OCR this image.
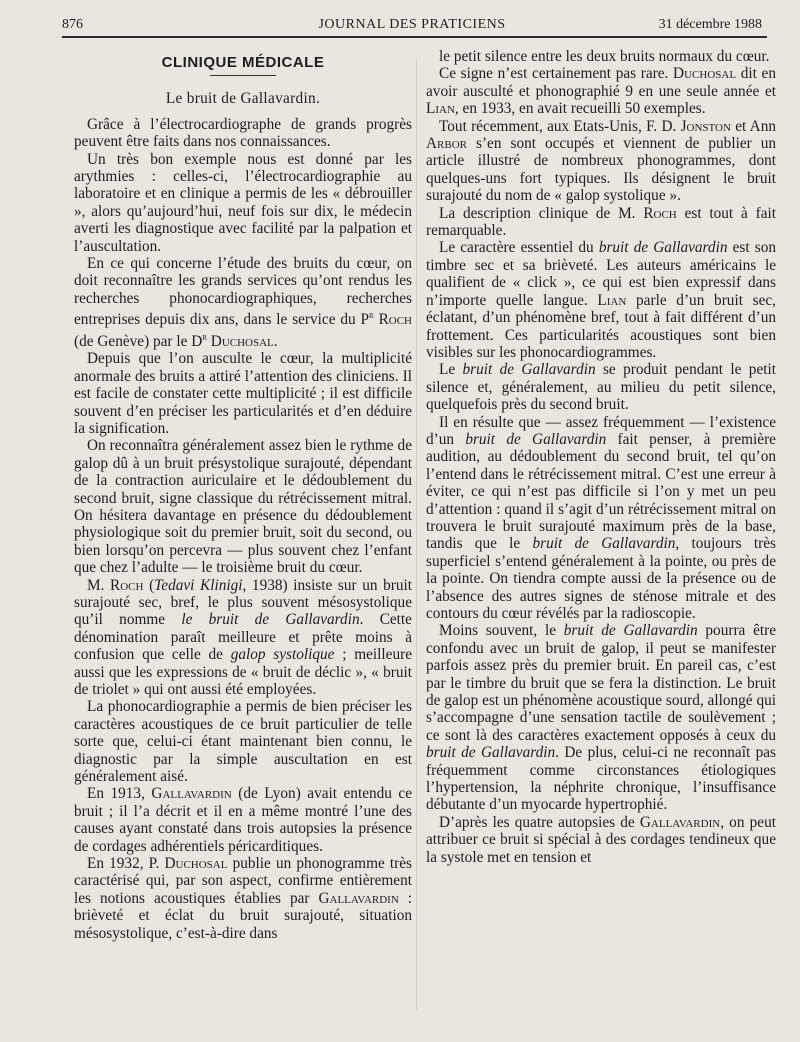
876	JOURNAL DES PRATICIENS	31 décembre 1988
CLINIQUE MÉDICALE
Le bruit de Gallavardin.

Grâce à l’électrocardiographe de grands progrès peuvent être faits dans nos connaissances.

Un très bon exemple nous est donné par les arythmies : celles-ci, l’électrocardiographie au laboratoire et en clinique a permis de les « débrouiller », alors qu’aujourd’hui, neuf fois sur dix, le médecin averti les diagnostique avec facilité par la palpation et l’auscultation.

En ce qui concerne l’étude des bruits du cœur, on doit reconnaître les grands services qu’ont rendus les recherches phonocardiographiques, recherches entreprises depuis dix ans, dans le service du $P^r$ Roch (de Genève) par le $D^r$ Duchosal.

Depuis que l’on ausculte le cœur, la multiplicité anormale des bruits a attiré l’attention des cliniciens. Il est facile de constater cette multiplicité ; il est difficile souvent d’en préciser les particularités et d’en déduire la signification.

On reconnaîtra généralement assez bien le rythme de galop dû à un bruit présystolique surajouté, dépendant de la contraction auriculaire et le dédoublement du second bruit, signe classique du rétrécissement mitral. On hésitera davantage en présence du dédoublement physiologique soit du premier bruit, soit du second, ou bien lorsqu’on percevra — plus souvent chez l’enfant que chez l’adulte — le troisième bruit du cœur.

M. Roch (Tedavi Klinigi, 1938) insiste sur un bruit surajouté sec, bref, le plus souvent mésosystolique qu’il nomme le bruit de Gallavardin. Cette dénomination paraît meilleure et prête moins à confusion que celle de galop systolique ; meilleure aussi que les expressions de « bruit de déclic », « bruit de triolet » qui ont aussi été employées.

La phonocardiographie a permis de bien préciser les caractères acoustiques de ce bruit particulier de telle sorte que, celui-ci étant maintenant bien connu, le diagnostic par la simple auscultation en est généralement aisé.

En 1913, Gallavardin (de Lyon) avait entendu ce bruit ; il l’a décrit et il en a même montré l’une des causes ayant constaté dans trois autopsies la présence de cordages adhérentiels péricarditiques.

En 1932, P. Duchosal publie un phonogramme très caractérisé qui, par son aspect, confirme entièrement les notions acoustiques établies par Gallavardin : brièveté et éclat du bruit surajouté, situation mésosystolique, c’est-à-dire dans

le petit silence entre les deux bruits normaux du cœur.

Ce signe n’est certainement pas rare. Duchosal dit en avoir ausculté et phonographié 9 en une seule année et Lian, en 1933, en avait recueilli 50 exemples.

Tout récemment, aux Etats-Unis, F. D. Jonston et Ann Arbor s’en sont occupés et viennent de publier un article illustré de nombreux phonogrammes, dont quelques-uns fort typiques. Ils désignent le bruit surajouté du nom de « galop systolique ».

La description clinique de M. Roch est tout à fait remarquable.

Le caractère essentiel du bruit de Gallavardin est son timbre sec et sa brièveté. Les auteurs américains le qualifient de « click », ce qui est bien expressif dans n’importe quelle langue. Lian parle d’un bruit sec, éclatant, d’un phénomène bref, tout à fait différent d’un frottement. Ces particularités acoustiques sont bien visibles sur les phonocardiogrammes.

Le bruit de Gallavardin se produit pendant le petit silence et, généralement, au milieu du petit silence, quelquefois près du second bruit.

Il en résulte que — assez fréquemment — l’existence d’un bruit de Gallavardin fait penser, à première audition, au dédoublement du second bruit, tel qu’on l’entend dans le rétrécissement mitral. C’est une erreur à éviter, ce qui n’est pas difficile si l’on y met un peu d’attention : quand il s’agit d’un rétrécissement mitral on trouvera le bruit surajouté maximum près de la base, tandis que le bruit de Gallavardin, toujours très superficiel s’entend généralement à la pointe, ou près de la pointe. On tiendra compte aussi de la présence ou de l’absence des autres signes de sténose mitrale et des contours du cœur révélés par la radioscopie.

Moins souvent, le bruit de Gallavardin pourra être confondu avec un bruit de galop, il peut se manifester parfois assez près du premier bruit. En pareil cas, c’est par le timbre du bruit que se fera la distinction. Le bruit de galop est un phénomène acoustique sourd, allongé qui s’accompagne d’une sensation tactile de soulèvement ; ce sont là des caractères exactement opposés à ceux du bruit de Gallavardin. De plus, celui-ci ne reconnaît pas fréquemment comme circonstances étiologiques l’hypertension, la néphrite chronique, l’insuffisance débutante d’un myocarde hypertrophié.

D’après les quatre autopsies de Gallavardin, on peut attribuer ce bruit si spécial à des cordages tendineux que la systole met en tension et
